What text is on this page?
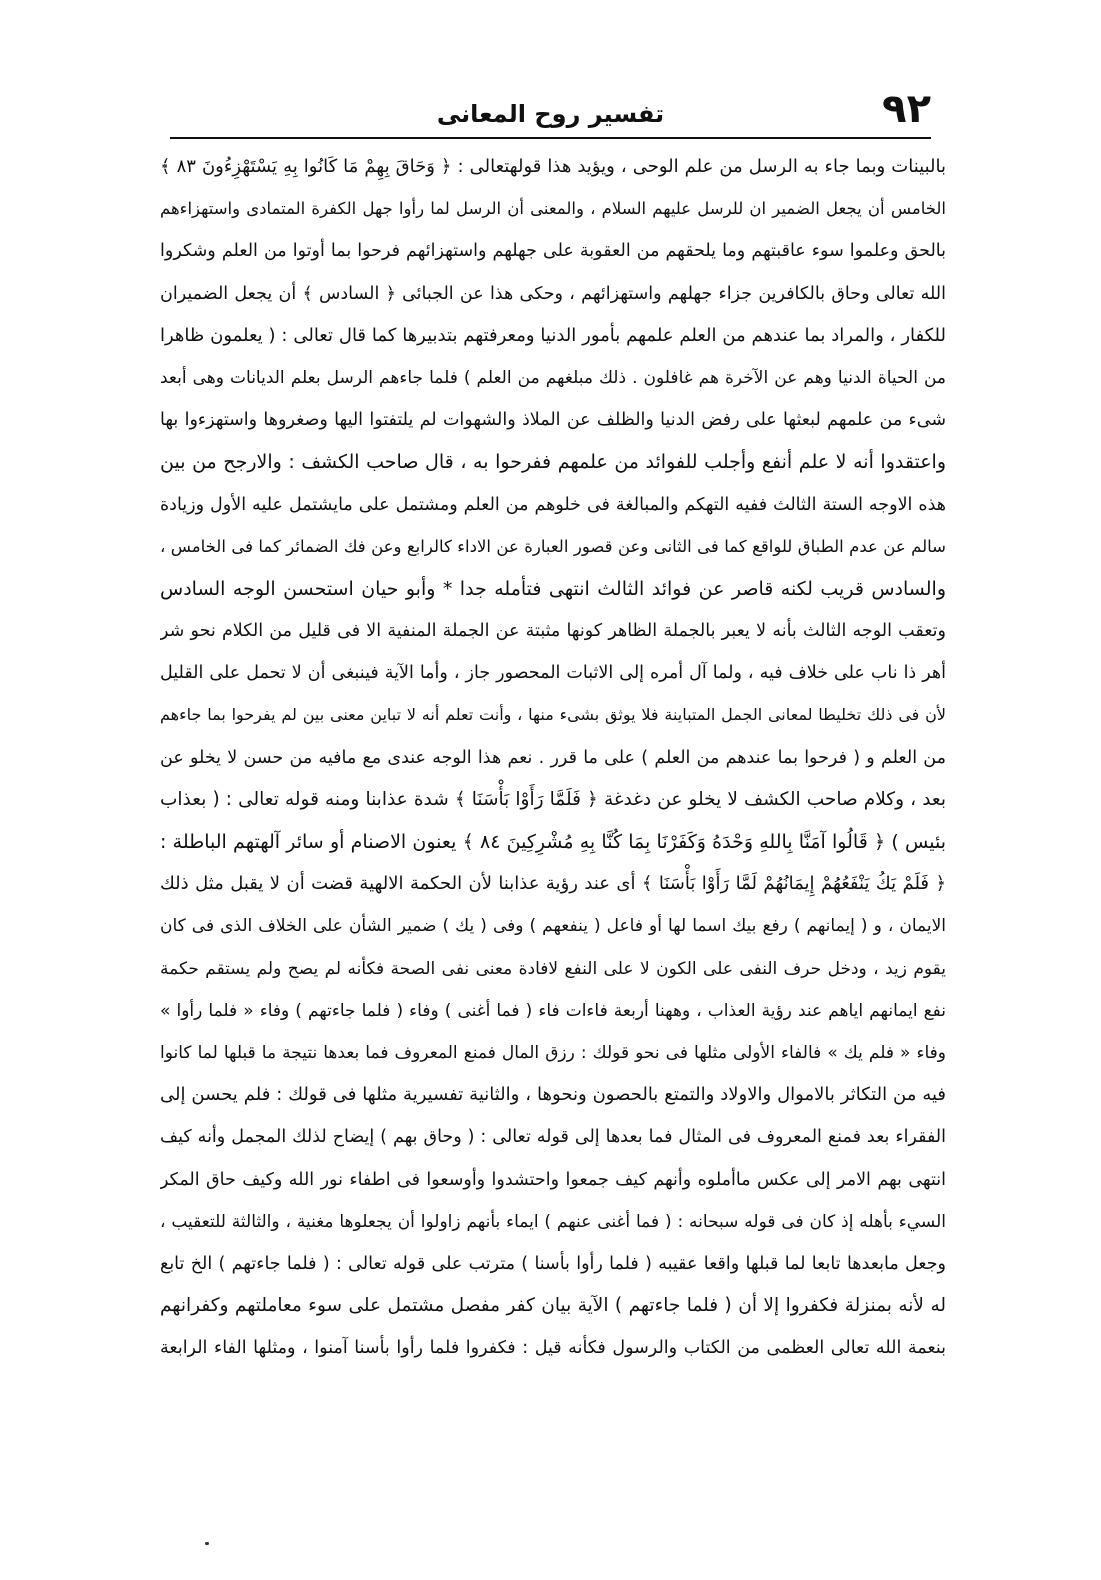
٩٢
تفسير روح المعانى
بالبينات وبما جاء به الرسل من علم الوحى ، ويؤيد هذا قولهتعالى : ﴿ وَحَاقَ بِهِمْ مَا كَانُوا بِهِ يَسْتَهْزِءُونَ ٨٣ ﴾
الخامس أن يجعل الضمير ان للرسل عليهم السلام ، والمعنى أن الرسل لما رأوا جهل الكفرة المتمادى واستهزاءهم
بالحق وعلموا سوء عاقبتهم وما يلحقهم من العقوبة على جهلهم واستهزائهم فرحوا بما أوتوا من العلم وشكروا
الله تعالى وحاق بالكافرين جزاء جهلهم واستهزائهم ، وحكى هذا عن الجبائى ﴿ السادس ﴾ أن يجعل الضميران
للكفار ، والمراد بما عندهم من العلم علمهم بأمور الدنيا ومعرفتهم بتدبيرها كما قال تعالى : ( يعلمون ظاهرا
من الحياة الدنيا وهم عن الآخرة هم غافلون . ذلك مبلغهم من العلم ) فلما جاءهم الرسل بعلم الديانات وهى أبعد
شىء من علمهم لبعثها على رفض الدنيا والظلف عن الملاذ والشهوات لم يلتفتوا اليها وصغروها واستهزءوا بها
واعتقدوا أنه لا علم أنفع وأجلب للفوائد من علمهم ففرحوا به ، قال صاحب الكشف : والارجح من بين
هذه الاوجه الستة الثالث ففيه التهكم والمبالغة فى خلوهم من العلم ومشتمل على مايشتمل عليه الأول وزيادة
سالم عن عدم الطباق للواقع كما فى الثانى وعن قصور العبارة عن الاداء كالرابع وعن فك الضمائر كما فى الخامس ،
والسادس قريب لكنه قاصر عن فوائد الثالث انتهى فتأمله جدا * وأبو حيان استحسن الوجه السادس
وتعقب الوجه الثالث بأنه لا يعبر بالجملة الظاهر كونها مثبتة عن الجملة المنفية الا فى قليل من الكلام نحو شر
أهر ذا ناب على خلاف فيه ، ولما آل أمره إلى الاثبات المحصور جاز ، وأما الآية فينبغى أن لا تحمل على القليل
لأن فى ذلك تخليطا لمعانى الجمل المتباينة فلا يوثق بشىء منها ، وأنت تعلم أنه لا تباين معنى بين لم يفرحوا بما جاءهم
من العلم و ( فرحوا بما عندهم من العلم ) على ما قرر . نعم هذا الوجه عندى مع مافيه من حسن لا يخلو عن
بعد ، وكلام صاحب الكشف لا يخلو عن دغدغة ﴿ فَلَمَّا رَأَوْا بَأْسَنَا ﴾ شدة عذابنا ومنه قوله تعالى : ( بعذاب
بئيس ) ﴿ قَالُوا آمَنَّا بِاللهِ وَحْدَهُ وَكَفَرْنَا بِمَا كُنَّا بِهِ مُشْرِكِينَ ٨٤ ﴾ يعنون الاصنام أو سائر آلهتهم الباطلة :
﴿ فَلَمْ يَكُ يَنْفَعُهُمْ إِيمَانُهُمْ لَمَّا رَأَوْا بَأْسَنَا ﴾ أى عند رؤية عذابنا لأن الحكمة الالهية قضت أن لا يقبل مثل ذلك
الايمان ، و ( إيمانهم ) رفع بيك اسما لها أو فاعل ( ينفعهم ) وفى ( يك ) ضمير الشأن على الخلاف الذى فى كان
يقوم زيد ، ودخل حرف النفى على الكون لا على النفع لافادة معنى نفى الصحة فكأنه لم يصح ولم يستقم حكمة
نفع ايمانهم اياهم عند رؤية العذاب ، وههنا أربعة فاءات فاء ( فما أغنى ) وفاء ( فلما جاءتهم ) وفاء « فلما رأوا »
وفاء « فلم يك » فالفاء الأولى مثلها فى نحو قولك : رزق المال فمنع المعروف فما بعدها نتيجة ما قبلها لما كانوا
فيه من التكاثر بالاموال والاولاد والتمتع بالحصون ونحوها ، والثانية تفسيرية مثلها فى قولك : فلم يحسن إلى
الفقراء بعد فمنع المعروف فى المثال فما بعدها إلى قوله تعالى : ( وحاق بهم ) إيضاح لذلك المجمل وأنه كيف
انتهى بهم الامر إلى عكس ماأملوه وأنهم كيف جمعوا واحتشدوا وأوسعوا فى اطفاء نور الله وكيف حاق المكر
السيء بأهله إذ كان فى قوله سبحانه : ( فما أغنى عنهم ) ايماء بأنهم زاولوا أن يجعلوها مغنية ، والثالثة للتعقيب ،
وجعل مابعدها تابعا لما قبلها واقعا عقيبه ( فلما رأوا بأسنا ) مترتب على قوله تعالى : ( فلما جاءتهم ) الخ تابع
له لأنه بمنزلة فكفروا إلا أن ( فلما جاءتهم ) الآية بيان كفر مفصل مشتمل على سوء معاملتهم وكفرانهم
بنعمة الله تعالى العظمى من الكتاب والرسول فكأنه قيل : فكفروا فلما رأوا بأسنا آمنوا ، ومثلها الفاء الرابعة
